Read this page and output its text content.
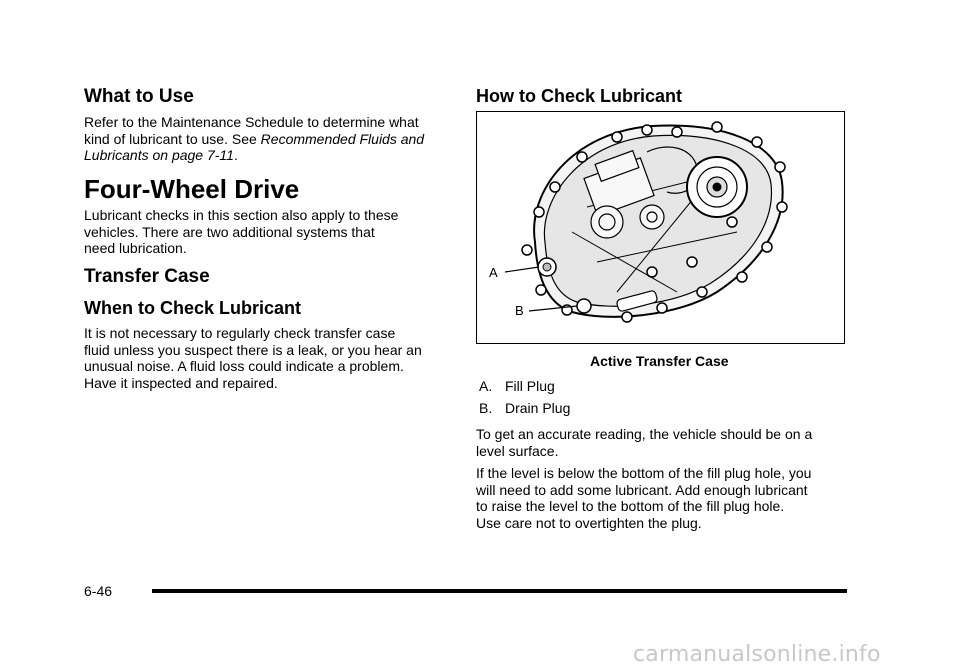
What to Use
Refer to the Maintenance Schedule to determine what
kind of lubricant to use. See Recommended Fluids and
Lubricants on page 7-11.
Four-Wheel Drive
Lubricant checks in this section also apply to these
vehicles. There are two additional systems that
need lubrication.
Transfer Case
When to Check Lubricant
It is not necessary to regularly check transfer case
fluid unless you suspect there is a leak, or you hear an
unusual noise. A fluid loss could indicate a problem.
Have it inspected and repaired.
How to Check Lubricant
A
B
Active Transfer Case
A. Fill Plug
B. Drain Plug
To get an accurate reading, the vehicle should be on a
level surface.
If the level is below the bottom of the fill plug hole, you
will need to add some lubricant. Add enough lubricant
to raise the level to the bottom of the fill plug hole.
Use care not to overtighten the plug.
6-46
carmanualsonline.info
